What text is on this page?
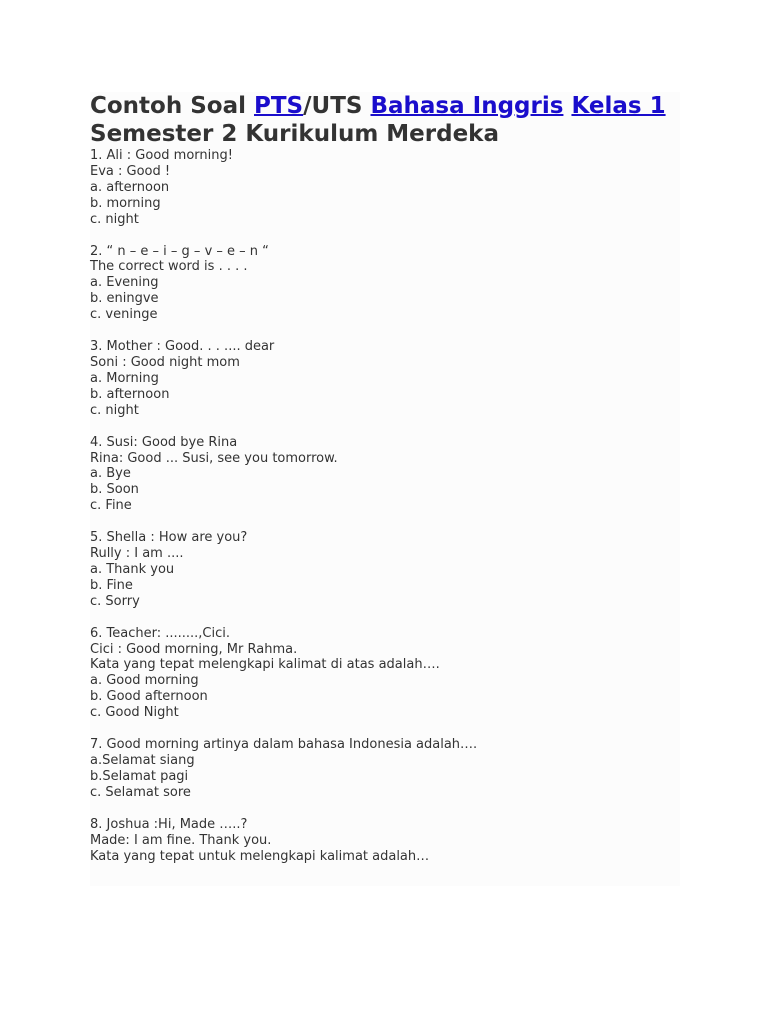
Contoh Soal PTS/UTS Bahasa Inggris Kelas 1 Semester 2 Kurikulum Merdeka
1. Ali : Good morning!
Eva : Good !
a. afternoon
b. morning
c. night
2. “ n – e – i – g – v – e – n “
The correct word is . . . .
a. Evening
b. eningve
c. veninge
3. Mother : Good. . . .... dear
Soni : Good night mom
a. Morning
b. afternoon
c. night
4. Susi: Good bye Rina
Rina: Good ... Susi, see you tomorrow.
a. Bye
b. Soon
c. Fine
5. Shella : How are you?
Rully : I am ....
a. Thank you
b. Fine
c. Sorry
6. Teacher: ........,Cici.
Cici : Good morning, Mr Rahma.
Kata yang tepat melengkapi kalimat di atas adalah….
a. Good morning
b. Good afternoon
c. Good Night
7. Good morning artinya dalam bahasa Indonesia adalah….
a.Selamat siang
b.Selamat pagi
c. Selamat sore
8. Joshua :Hi, Made …..?
Made: I am fine. Thank you.
Kata yang tepat untuk melengkapi kalimat adalah…
